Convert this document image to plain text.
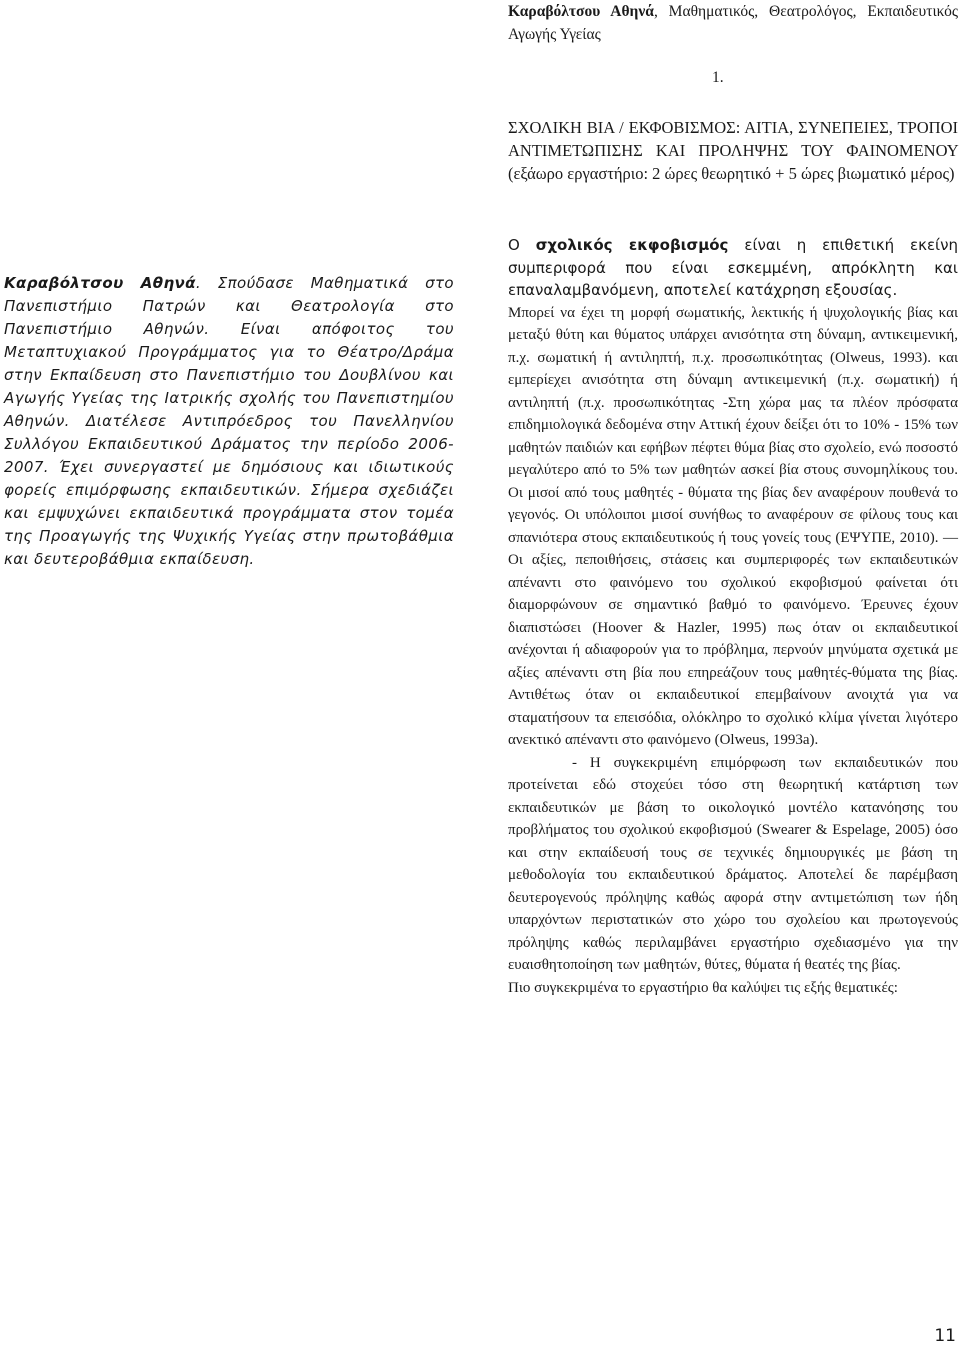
Καραβόλτσου Αθηνά, Μαθηματικός, Θεατρολόγος, Εκπαιδευτικός Αγωγής Υγείας
1.
ΣΧΟΛΙΚΗ ΒΙΑ / ΕΚΦΟΒΙΣΜΟΣ: ΑΙΤΙΑ, ΣΥΝΕΠΕΙΕΣ, ΤΡΟΠΟΙ ΑΝΤΙΜΕΤΩΠΙΣΗΣ ΚΑΙ ΠΡΟΛΗΨΗΣ ΤΟΥ ΦΑΙΝΟΜΕΝΟΥ (εξάωρο εργαστήριο: 2 ώρες θεωρητικό + 5 ώρες βιωματικό μέρος)
Καραβόλτσου Αθηνά. Σπούδασε Μαθηματικά στο Πανεπιστήμιο Πατρών και Θεατρολογία στο Πανεπιστήμιο Αθηνών. Είναι απόφοιτος του Μεταπτυχιακού Προγράμματος για το Θέατρο/Δράμα στην Εκπαίδευση στο Πανεπιστήμιο του Δουβλίνου και Αγωγής Υγείας της Ιατρικής σχολής του Πανεπιστημίου Αθηνών. Διατέλεσε Αντιπρόεδρος του Πανελληνίου Συλλόγου Εκπαιδευτικού Δράματος την περίοδο 2006-2007. Έχει συνεργαστεί με δημόσιους και ιδιωτικούς φορείς επιμόρφωσης εκπαιδευτικών. Σήμερα σχεδιάζει και εμψυχώνει εκπαιδευτικά προγράμματα στον τομέα της Προαγωγής της Ψυχικής Υγείας στην πρωτοβάθμια και δευτεροβάθμια εκπαίδευση.

Ο σχολικός εκφοβισμός είναι η επιθετική εκείνη συμπεριφορά που είναι εσκεμμένη, απρόκλητη και επαναλαμβανόμενη, αποτελεί κατάχρηση εξουσίας.

Μπορεί να έχει τη μορφή σωματικής, λεκτικής ή ψυχολογικής βίας και μεταξύ θύτη και θύματος υπάρχει ανισότητα στη δύναμη, αντικειμενική, π.χ. σωματική ή αντιληπτή, π.χ. προσωπικότητας (Olweus, 1993). και εμπερίεχει ανισότητα στη δύναμη αντικειμενική (π.χ. σωματική) ή αντιληπτή (π.χ. προσωπικότητας -Στη χώρα μας τα πλέον πρόσφατα επιδημιολογικά δεδομένα στην Αττική έχουν δείξει ότι το 10% - 15% των μαθητών παιδιών και εφήβων πέφτει θύμα βίας στο σχολείο, ενώ ποσοστό μεγαλύτερο από το 5% των μαθητών ασκεί βία στους συνομηλίκους του. Οι μισοί από τους μαθητές - θύματα της βίας δεν αναφέρουν πουθενά το γεγονός. Οι υπόλοιποι μισοί συνήθως το αναφέρουν σε φίλους τους και σπανιότερα στους εκπαιδευτικούς ή τους γονείς τους (ΕΨΥΠΕ, 2010). — Οι αξίες, πεποιθήσεις, στάσεις και συμπεριφορές των εκπαιδευτικών απέναντι στο φαινόμενο του σχολικού εκφοβισμού φαίνεται ότι διαμορφώνουν σε σημαντικό βαθμό το φαινόμενο. Έρευνες έχουν διαπιστώσει (Hoover & Hazler, 1995) πως όταν οι εκπαιδευτικοί ανέχονται ή αδιαφορούν για το πρόβλημα, περνούν μηνύματα σχετικά με αξίες απέναντι στη βία που επηρεάζουν τους μαθητές-θύματα της βίας. Αντιθέτως όταν οι εκπαιδευτικοί επεμβαίνουν ανοιχτά για να σταματήσουν τα επεισόδια, ολόκληρο το σχολικό κλίμα γίνεται λιγότερο ανεκτικό απέναντι στο φαινόμενο (Olweus, 1993a).

- Η συγκεκριμένη επιμόρφωση των εκπαιδευτικών που προτείνεται εδώ στοχεύει τόσο στη θεωρητική κατάρτιση των εκπαιδευτικών με βάση το οικολογικό μοντέλο κατανόησης του προβλήματος του σχολικού εκφοβισμού (Swearer & Espelage, 2005) όσο και στην εκπαίδευσή τους σε τεχνικές δημιουργικές με βάση τη μεθοδολογία του εκπαιδευτικού δράματος. Αποτελεί δε παρέμβαση δευτερογενούς πρόληψης καθώς αφορά στην αντιμετώπιση των ήδη υπαρχόντων περιστατικών στο χώρο του σχολείου και πρωτογενούς πρόληψης καθώς περιλαμβάνει εργαστήριο σχεδιασμένο για την ευαισθητοποίηση των μαθητών, θύτες, θύματα ή θεατές της βίας.

Πιο συγκεκριμένα το εργαστήριο θα καλύψει τις εξής θεματικές:

11
